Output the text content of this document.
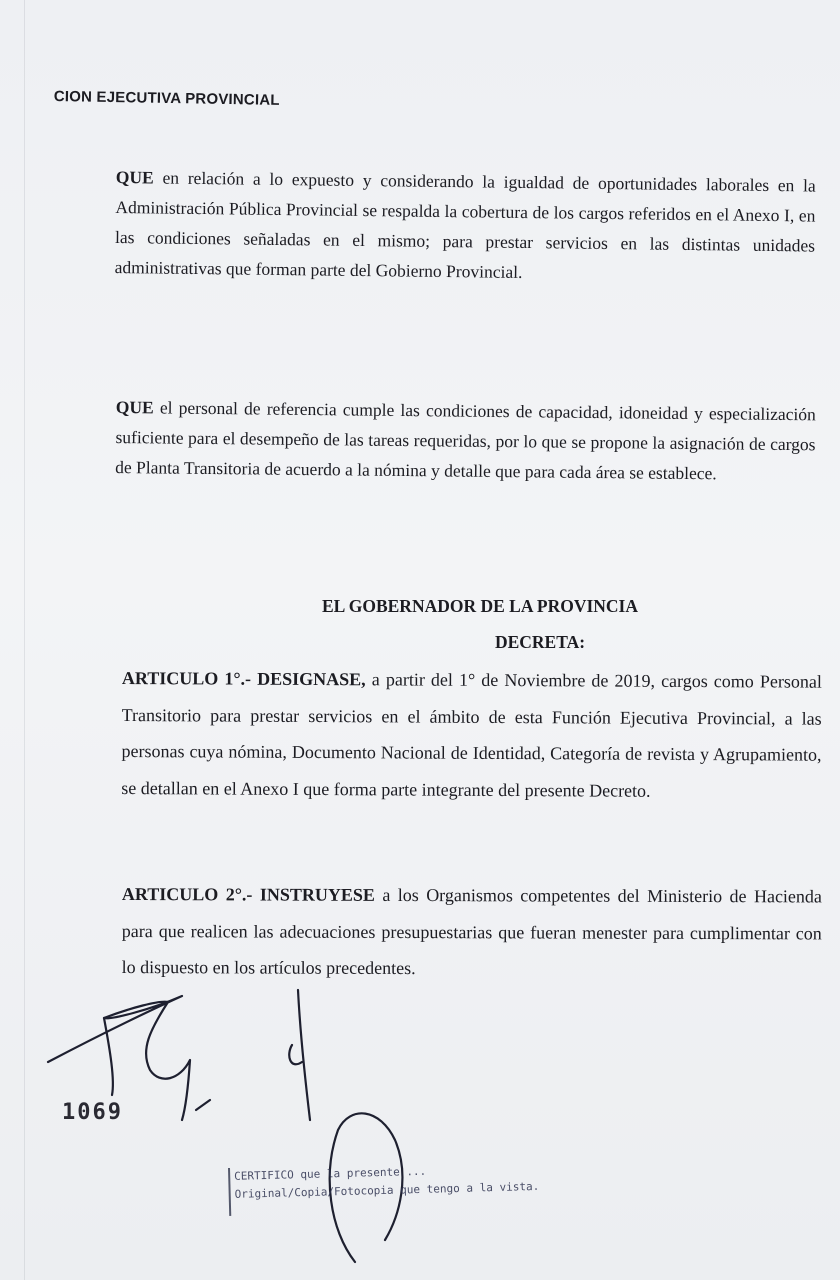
CION EJECUTIVA PROVINCIAL
QUE en relación a lo expuesto y considerando la igualdad de oportunidades laborales en la Administración Pública Provincial se respalda la cobertura de los cargos referidos en el Anexo I, en las condiciones señaladas en el mismo; para prestar servicios en las distintas unidades administrativas que forman parte del Gobierno Provincial.
QUE el personal de referencia cumple las condiciones de capacidad, idoneidad y especialización suficiente para el desempeño de las tareas requeridas, por lo que se propone la asignación de cargos de Planta Transitoria de acuerdo a la nómina y detalle que para cada área se establece.
EL GOBERNADOR DE LA PROVINCIA
DECRETA:
ARTICULO 1°.- DESIGNASE, a partir del 1° de Noviembre de 2019, cargos como Personal Transitorio para prestar servicios en el ámbito de esta Función Ejecutiva Provincial, a las personas cuya nómina, Documento Nacional de Identidad, Categoría de revista y Agrupamiento, se detallan en el Anexo I que forma parte integrante del presente Decreto.
ARTICULO 2°.- INSTRUYESE a los Organismos competentes del Ministerio de Hacienda para que realicen las adecuaciones presupuestarias que fueran menester para cumplimentar con lo dispuesto en los artículos precedentes.
1069
CERTIFICO que la presente ...
Original/Copia/Fotocopia que tengo a la vista.
